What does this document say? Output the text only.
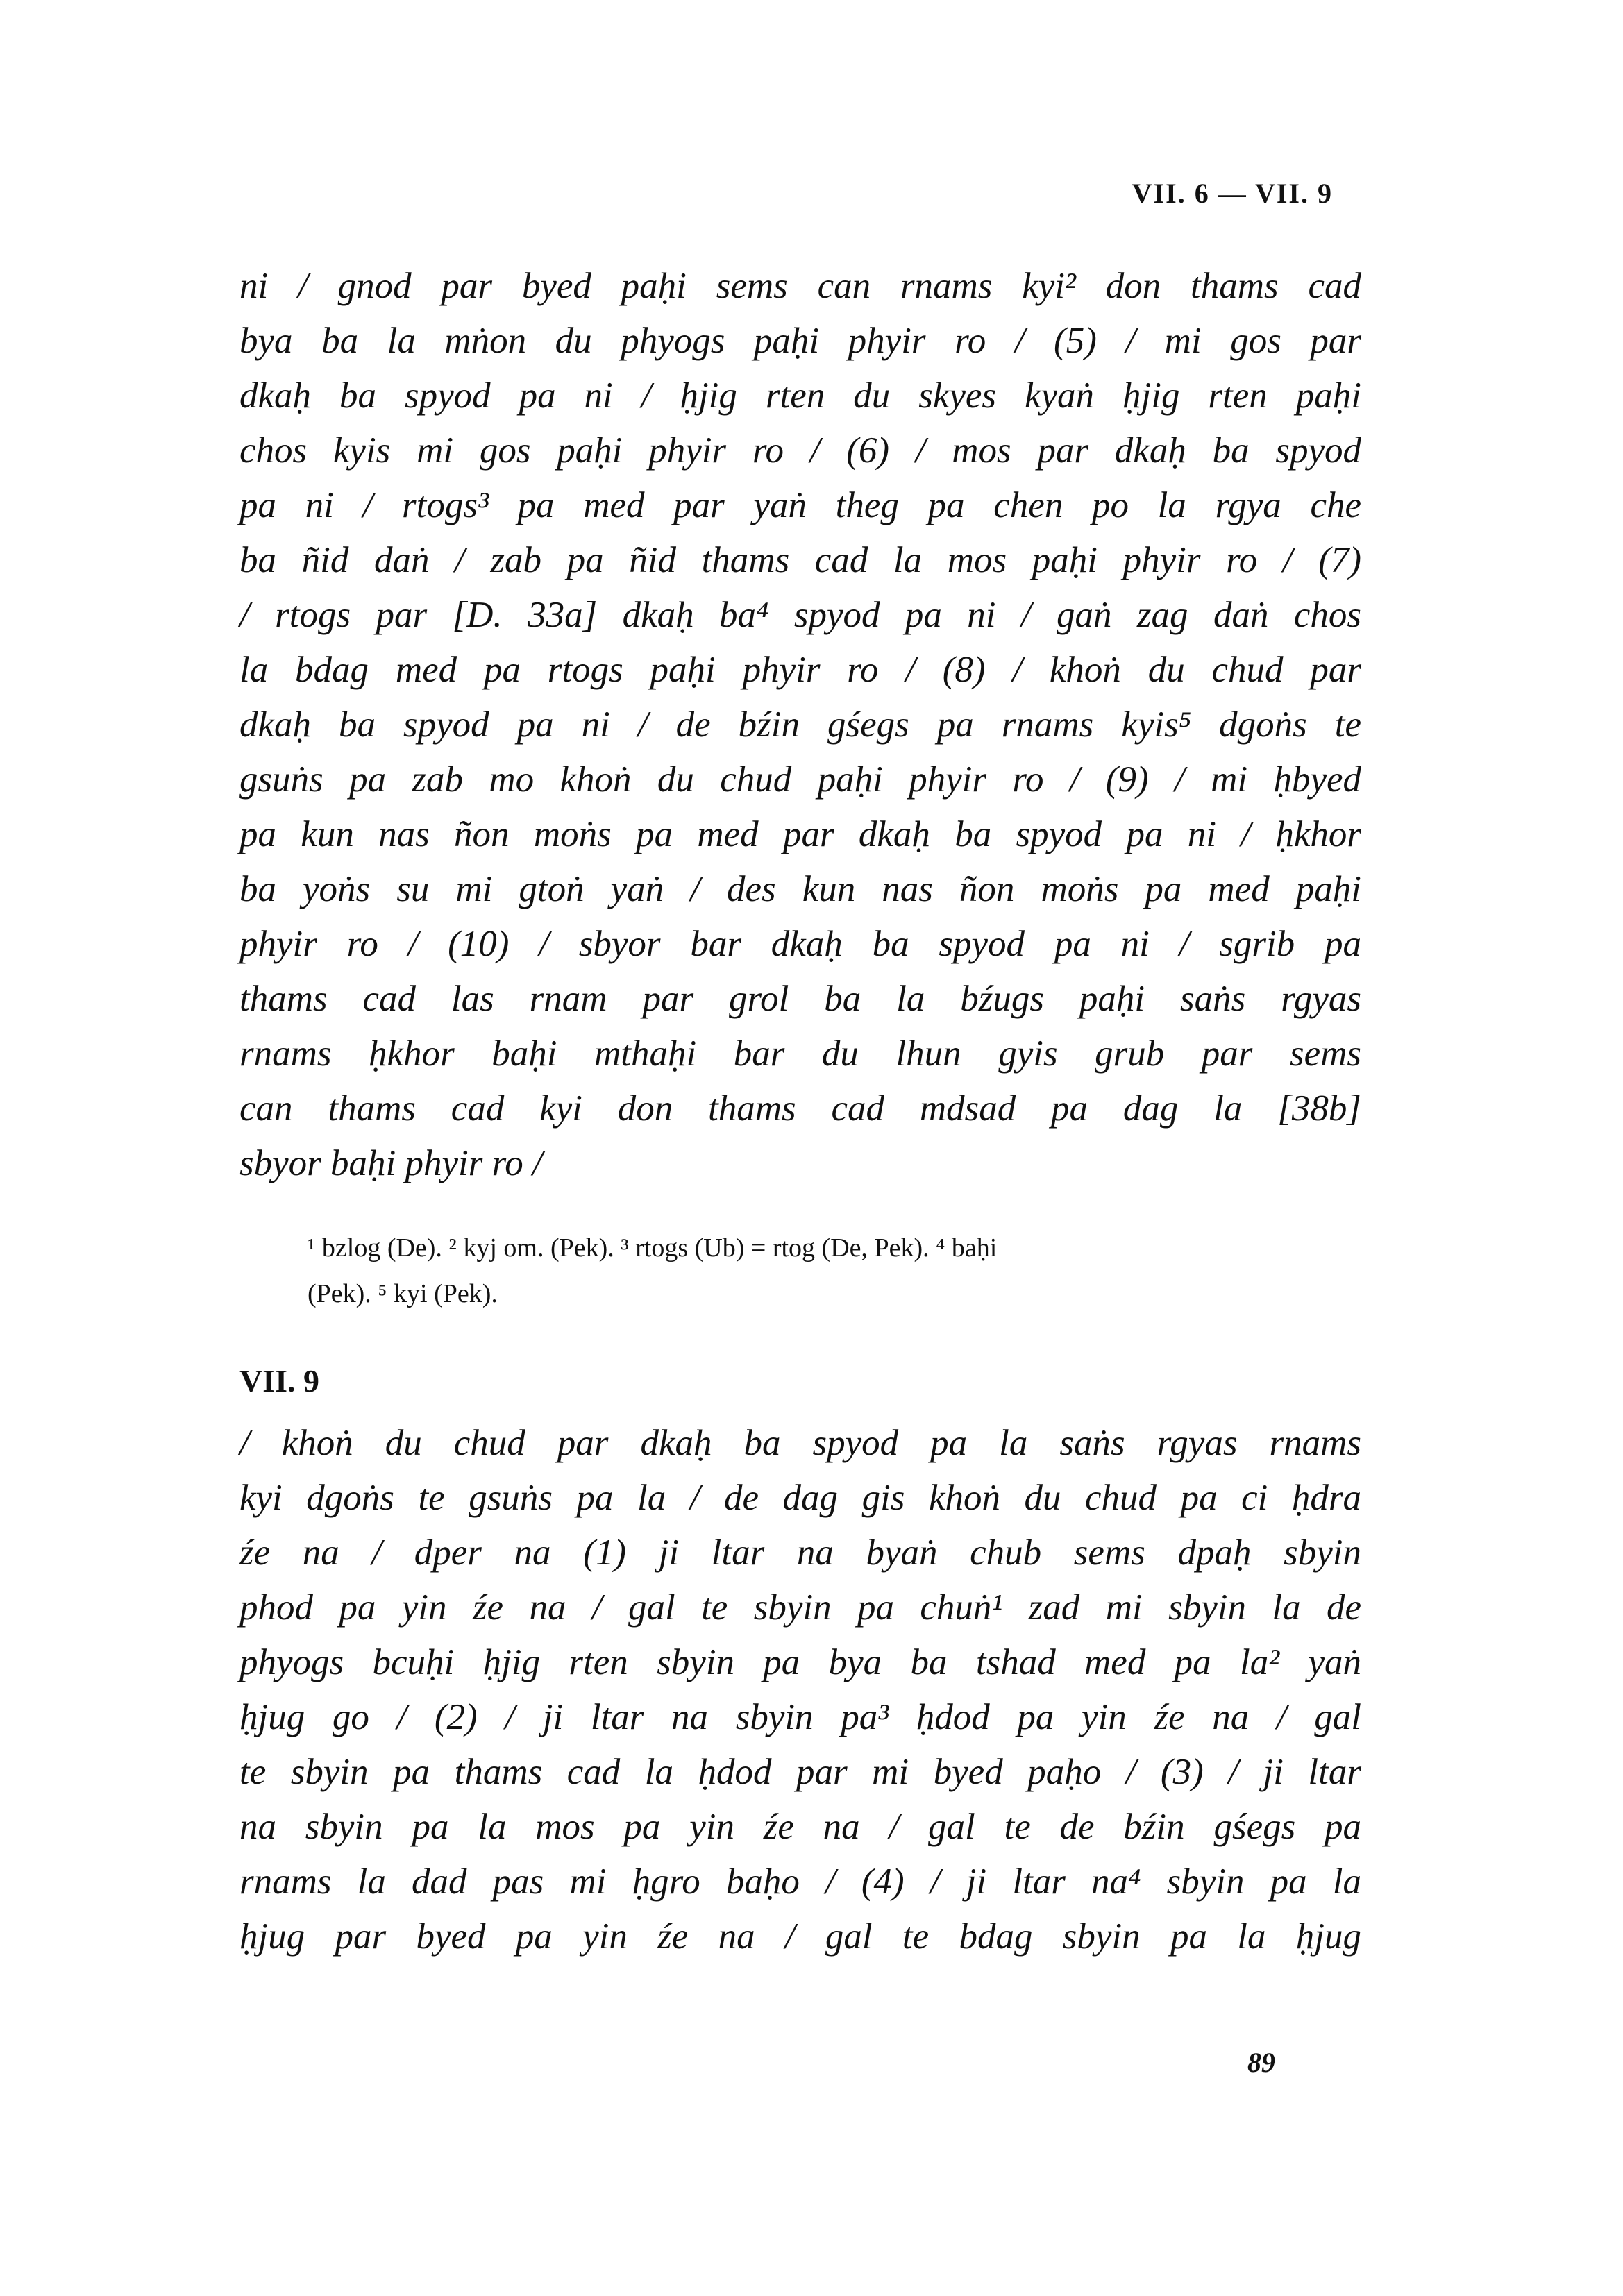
VII. 6 — VII. 9
ni / gnod par byed paḥi sems can rnams kyi² don thams cad
bya ba la mṅon du phyogs paḥi phyir ro / (5) / mi gos par
dkaḥ ba spyod pa ni / ḥjig rten du skyes kyaṅ ḥjig rten paḥi
chos kyis mi gos paḥi phyir ro / (6) / mos par dkaḥ ba spyod
pa ni / rtogs³ pa med par yaṅ theg pa chen po la rgya che
ba ñid daṅ / zab pa ñid thams cad la mos paḥi phyir ro / (7)
/ rtogs par [D. 33a] dkaḥ ba⁴ spyod pa ni / gaṅ zag daṅ chos
la bdag med pa rtogs paḥi phyir ro / (8) / khoṅ du chud par
dkaḥ ba spyod pa ni / de bźin gśegs pa rnams kyis⁵ dgoṅs te
gsuṅs pa zab mo khoṅ du chud paḥi phyir ro / (9) / mi ḥbyed
pa kun nas ñon moṅs pa med par dkaḥ ba spyod pa ni / ḥkhor
ba yoṅs su mi gtoṅ yaṅ / des kun nas ñon moṅs pa med paḥi
phyir ro / (10) / sbyor bar dkaḥ ba spyod pa ni / sgrib pa
thams cad las rnam par grol ba la bźugs paḥi saṅs rgyas
rnams ḥkhor baḥi mthaḥi bar du lhun gyis grub par sems
can thams cad kyi don thams cad mdsad pa dag la [38b]
sbyor baḥi phyir ro /
¹ bzlog (De). ² kyj om. (Pek). ³ rtogs (Ub) = rtog (De, Pek). ⁴ baḥi
(Pek). ⁵ kyi (Pek).
VII. 9
/ khoṅ du chud par dkaḥ ba spyod pa la saṅs rgyas rnams
kyi dgoṅs te gsuṅs pa la / de dag gis khoṅ du chud pa ci ḥdra
źe na / dper na (1) ji ltar na byaṅ chub sems dpaḥ sbyin
phod pa yin źe na / gal te sbyin pa chuṅ¹ zad mi sbyin la de
phyogs bcuḥi ḥjig rten sbyin pa bya ba tshad med pa la² yaṅ
ḥjug go / (2) / ji ltar na sbyin pa³ ḥdod pa yin źe na / gal
te sbyin pa thams cad la ḥdod par mi byed paḥo / (3) / ji ltar
na sbyin pa la mos pa yin źe na / gal te de bźin gśegs pa
rnams la dad pas mi ḥgro baḥo / (4) / ji ltar na⁴ sbyin pa la
ḥjug par byed pa yin źe na / gal te bdag sbyin pa la ḥjug
89
